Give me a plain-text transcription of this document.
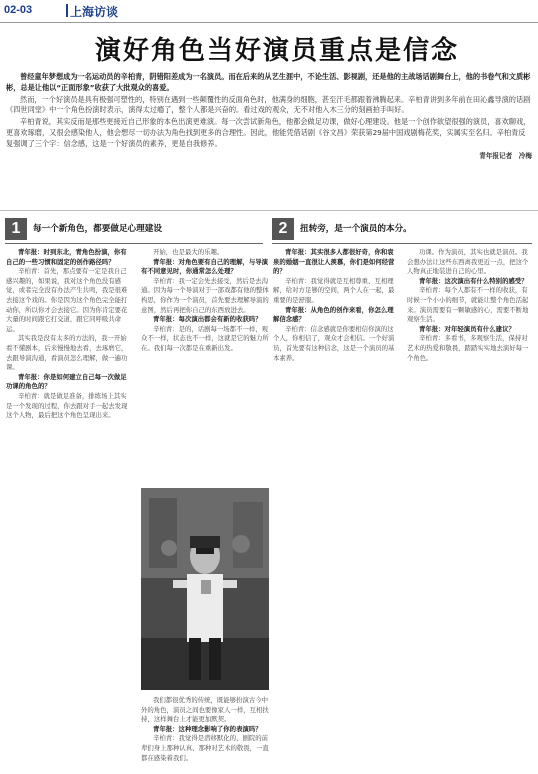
02-03	上海访谈
演好角色当好演员重点是信念

曾经童年梦想成为一名运动员的辛柏青，阴错阳差成为一名演员。而在后来的从艺生涯中，不论生活、影视剧，还是他的主战场话剧舞台上，他的书卷气和文质彬彬，总是让他以“正面形象”收获了大批观众的喜爱。

然而，一个好演员是具有极强可塑性的，特别在遇到一些颠覆性的反面角色时，他满身的细胞，甚至汗毛都跟着沸腾起来。辛柏青讲到多年前在田沁鑫导演的话剧《四世同堂》中一个角色扮演时表示，演得太过瘾了，整个人都是兴奋的。看过戏的观众，无不对他入木三分的刻画拍手叫好。

辛柏青说，其实反而是那些更接近自己形象的本色出演更难演。每一次尝试新角色，他都会做足功课，做好心理建设。他是一个创作欲望很强的演员，喜欢聊戏，更喜欢琢磨，又很会感染他人，他会想尽一切办法为角色找到更多的合理性。因此，他能凭借话剧《谷文昌》荣获第29届中国戏剧梅花奖，实属实至名归。辛柏青反复强调了三个字：信念感，这是一个好演员的素养，更是自我修养。

青年报记者　冷梅
1	每一个新角色，都要做足心理建设	2	扭转旁，是一个演员的本分。

青年报：时到东北，青角色扮演，你有自己的一些习惯和固定的创作路径吗？

辛柏青：首先，那点要有一定是我自己感兴趣的，如果说，我对这个角色没有感觉，或者完全没有办法产生共鸣，我是很难去接这个戏的。你是因为这个角色完全能打动你，所以你才会去接它。因为你肯定要花大量的时间跟它打交道，跟它同呼吸共命运。

其实我是没有太多的方法的，我一开始看不懂剧本，后来慢慢地去看，去琢磨它，去跟导演沟通，看演员怎么理解，做一遍功课。

青年报：你是如何建立自己每一次做足功课的角色的？

辛柏青：就是做足准备，排练场上其实是一个发现的过程，你去跟对手一起去发现这个人物，最后把这个角色呈现出来。

开始，也是最大的乐趣。

青年报：对角色要有自己的理解，与导演有不同意见时，你通常怎么处理？

辛柏青：我一定会先去接受，然后是去沟通。因为每一个导演对于一部戏都有他的整体构思，你作为一个演员，首先要去理解导演的意图，然后再把你自己的东西放进去。

青年报：每次演出都会有新的收获吗？

辛柏青：是的，话剧每一场都不一样，观众不一样，状态也不一样，这就是它的魅力所在。我们每一次都是在重新出发。

我们都很优秀的传统，既能够扮演古今中外的角色，演员之间也要像家人一样，互相扶持，这样舞台上才能更加默契。

青年报：这种理念影响了你的表演吗？

辛柏青：我觉得是潜移默化的，剧院的前辈们身上那种认真、那种对艺术的敬畏，一直都在感染着我们。

青年报：其实很多人都很好奇，你和袁泉的婚姻一直很让人羡慕，你们是如何经营的？

辛柏青：我觉得就是互相尊重、互相理解，给对方足够的空间，两个人在一起，最重要的是舒服。

青年报：从角色的创作来看，你怎么理解信念感？

辛柏青：信念感就是你要相信你演的这个人，你相信了，观众才会相信。一个好演员，首先要有这种信念，这是一个演员的基本素养。

功课。作为演员，其实也就是演员。我会想办法让这些东西离我更近一点，把这个人物真正地装进自己的心里。

青年报：这次演出有什么特别的感受？

辛柏青：每个人都有不一样的收获，有时候一个小小的细节，就能让整个角色活起来。演员需要有一颗敏感的心，需要不断地观察生活。

青年报：对年轻演员有什么建议？

辛柏青：多看书，多观察生活，保持对艺术的热爱和敬畏，踏踏实实地去演好每一个角色。
